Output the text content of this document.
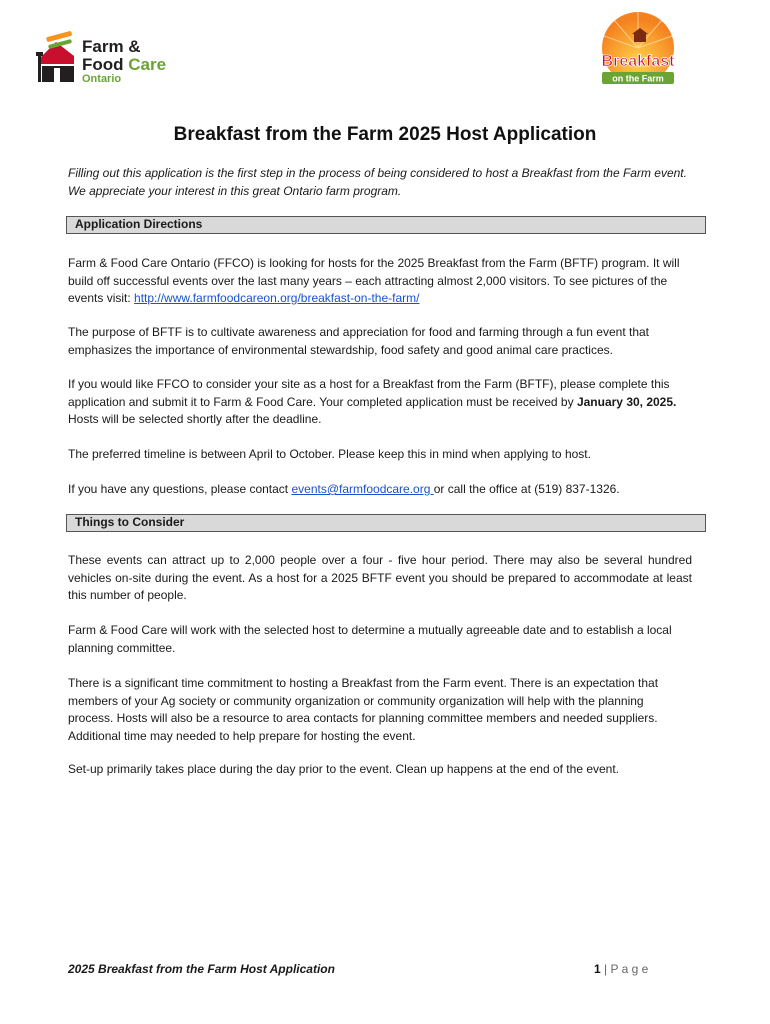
Farm &
Food Care
Ontario
Breakfast
on the Farm
Breakfast from the Farm 2025 Host Application

Filling out this application is the first step in the process of being considered to host a Breakfast from the Farm event. We appreciate your interest in this great Ontario farm program.

Application Directions

Farm & Food Care Ontario (FFCO) is looking for hosts for the 2025 Breakfast from the Farm (BFTF) program. It will build off successful events over the last many years – each attracting almost 2,000 visitors. To see pictures of the events visit: http://www.farmfoodcareon.org/breakfast-on-the-farm/

The purpose of BFTF is to cultivate awareness and appreciation for food and farming through a fun event that emphasizes the importance of environmental stewardship, food safety and good animal care practices.

If you would like FFCO to consider your site as a host for a Breakfast from the Farm (BFTF), please complete this application and submit it to Farm & Food Care. Your completed application must be received by January 30, 2025. Hosts will be selected shortly after the deadline.

The preferred timeline is between April to October. Please keep this in mind when applying to host.

If you have any questions, please contact events@farmfoodcare.org or call the office at (519) 837-1326.

Things to Consider

These events can attract up to 2,000 people over a four - five hour period. There may also be several hundred vehicles on-site during the event. As a host for a 2025 BFTF event you should be prepared to accommodate at least this number of people.

Farm & Food Care will work with the selected host to determine a mutually agreeable date and to establish a local planning committee.

There is a significant time commitment to hosting a Breakfast from the Farm event. There is an expectation that members of your Ag society or community organization or community organization will help with the planning process. Hosts will also be a resource to area contacts for planning committee members and needed suppliers. Additional time may needed to help prepare for hosting the event.

Set-up primarily takes place during the day prior to the event. Clean up happens at the end of the event.

2025 Breakfast from the Farm Host Application	1 | P a g e
